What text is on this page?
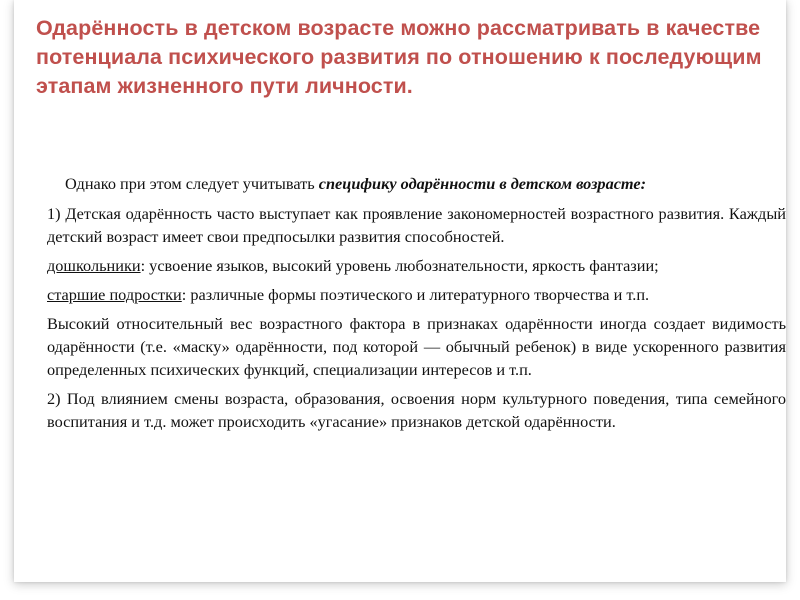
Одарённость в детском возрасте можно рассматривать в качестве потенциала психического развития по отношению к последующим этапам жизненного пути личности.

Однако при этом следует учитывать специфику одарённости в детском возрасте:

1) Детская одарённость часто выступает как проявление закономерностей возрастного развития. Каждый детский возраст имеет свои предпосылки развития способностей.

дошкольники: усвоение языков, высокий уровень любознательности, яркость фантазии;

старшие подростки: различные формы поэтического и литературного творчества и т.п.

Высокий относительный вес возрастного фактора в признаках одарённости иногда создает видимость одарённости (т.е. «маску» одарённости, под которой — обычный ребенок) в виде ускоренного развития определенных психических функций, специализации интересов и т.п.

2) Под влиянием смены возраста, образования, освоения норм культурного поведения, типа семейного воспитания и т.д. может происходить «угасание» признаков детской одарённости.
